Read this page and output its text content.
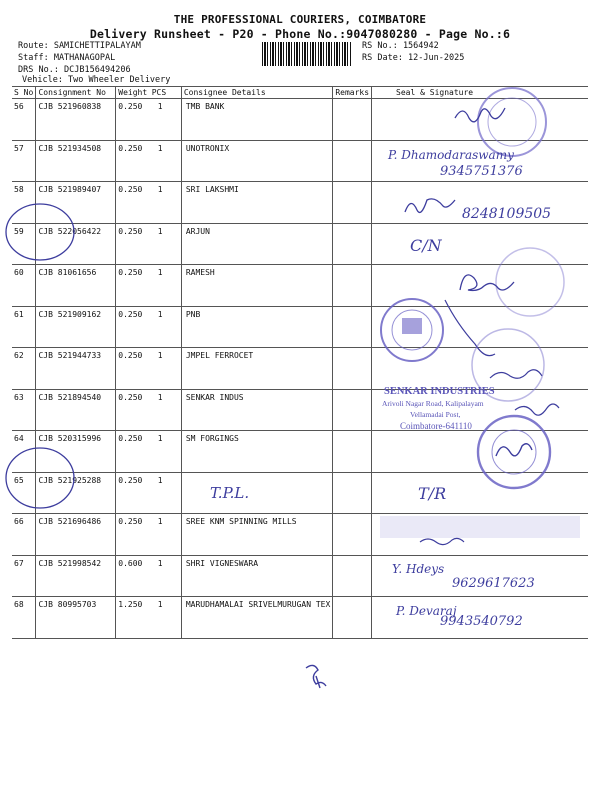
THE PROFESSIONAL COURIERS, COIMBATORE
Delivery Runsheet - P20 - Phone No.:9047080280 - Page No.:6
Route: SAMICHETTIPALAYAM
Staff: MATHANAGOPAL
DRS No.: DCJB156494206
Vehicle: Two Wheeler Delivery
RS No.: 1564942
RS Date: 12-Jun-2025
S No	Consignment No	Weight	PCS	Consignee Details	Remarks	Seal & Signature
56	CJB 521960838	0.250	1	TMB BANK		
57	CJB 521934508	0.250	1	UNOTRONIX		
58	CJB 521989407	0.250	1	SRI LAKSHMI		
59	CJB 522056422	0.250	1	ARJUN		
60	CJB 81061656	0.250	1	RAMESH		
61	CJB 521909162	0.250	1	PNB		
62	CJB 521944733	0.250	1	JMPEL FERROCET		
63	CJB 521894540	0.250	1	SENKAR INDUS		
64	CJB 520315996	0.250	1	SM FORGINGS		
65	CJB 521925288	0.250	1			
66	CJB 521696486	0.250	1	SREE KNM SPINNING MILLS		
67	CJB 521998542	0.600	1	SHRI VIGNESWARA		
68	CJB 80995703	1.250	1	MARUDHAMALAI SRIVELMURUGAN TEX		
P. Dhamodaraswamy
9345751376
8248109505
C/N
T.P.L.	T/R
Y. Hdeys
9629617623
P. Devaraj
9943540792
SENKAR INDUSTRIES
Arivoli Nagar Road, Kalipalayam
Vellamadai Post,
Coimbatore-641110
